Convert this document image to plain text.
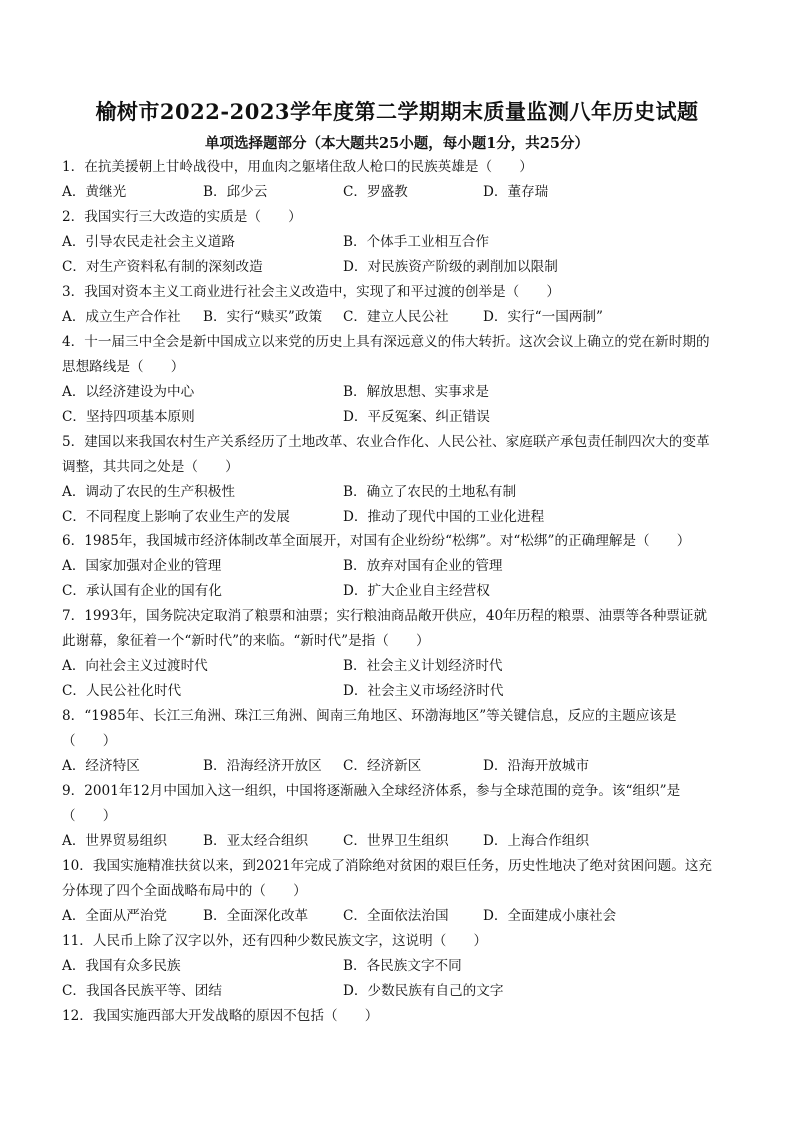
榆树市2022-2023学年度第二学期期末质量监测八年历史试题
单项选择题部分（本大题共25小题，每小题1分，共25分）
1．在抗美援朝上甘岭战役中，用血肉之躯堵住敌人枪口的民族英雄是（　　）
A．黄继光	B．邱少云	C．罗盛教	D．董存瑞
2．我国实行三大改造的实质是（　　）
A．引导农民走社会主义道路	B．个体手工业相互合作
C．对生产资料私有制的深刻改造	D．对民族资产阶级的剥削加以限制
3．我国对资本主义工商业进行社会主义改造中，实现了和平过渡的创举是（　　）
A．成立生产合作社 B．实行“赎买”政策 C．建立人民公社	D．实行“一国两制”
4．十一届三中全会是新中国成立以来党的历史上具有深远意义的伟大转折。这次会议上确立的党在新时期的
思想路线是（　　）
A．以经济建设为中心	B．解放思想、实事求是
C．坚持四项基本原则	D．平反冤案、纠正错误
5．建国以来我国农村生产关系经历了土地改革、农业合作化、人民公社、家庭联产承包责任制四次大的变革
调整，其共同之处是（　　）
A．调动了农民的生产积极性	B．确立了农民的土地私有制
C．不同程度上影响了农业生产的发展	D．推动了现代中国的工业化进程
6．1985年，我国城市经济体制改革全面展开，对国有企业纷纷“松绑”。对“松绑”的正确理解是（　　）
A．国家加强对企业的管理	B．放弃对国有企业的管理
C．承认国有企业的国有化	D．扩大企业自主经营权
7．1993年，国务院决定取消了粮票和油票；实行粮油商品敞开供应，40年历程的粮票、油票等各种票证就
此谢幕，象征着一个“新时代”的来临。“新时代”是指（　　）
A．向社会主义过渡时代	B．社会主义计划经济时代
C．人民公社化时代	D．社会主义市场经济时代
8．“1985年、长江三角洲、珠江三角洲、闽南三角地区、环渤海地区”等关键信息，反应的主题应该是
（　　）
A．经济特区	B．沿海经济开放区 C．经济新区	D．沿海开放城市
9．2001年12月中国加入这一组织，中国将逐渐融入全球经济体系，参与全球范围的竞争。该“组织”是
（　　）
A．世界贸易组织	B．亚太经合组织	C．世界卫生组织	D．上海合作组织
10．我国实施精准扶贫以来，到2021年完成了消除绝对贫困的艰巨任务，历史性地决了绝对贫困问题。这充
分体现了四个全面战略布局中的（　　）
A．全面从严治党	B．全面深化改革	C．全面依法治国	D．全面建成小康社会
11．人民币上除了汉字以外，还有四种少数民族文字，这说明（　　）
A．我国有众多民族	B．各民族文字不同
C．我国各民族平等、团结	D．少数民族有自己的文字
12．我国实施西部大开发战略的原因不包括（　　）
